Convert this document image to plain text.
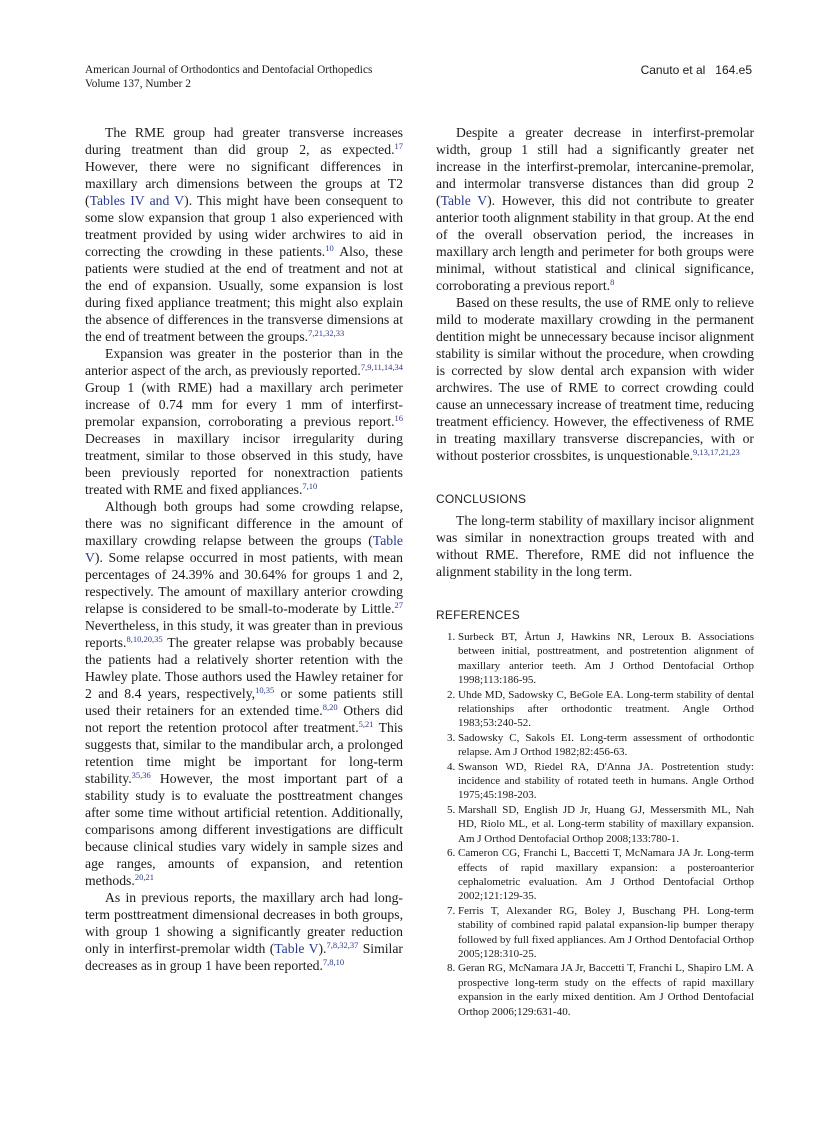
American Journal of Orthodontics and Dentofacial Orthopedics
Volume 137, Number 2
Canuto et al 164.e5

The RME group had greater transverse increases during treatment than did group 2, as expected.$^{17}$ However, there were no significant differences in maxillary arch dimensions between the groups at T2 (Tables IV and V). This might have been consequent to some slow expansion that group 1 also experienced with treatment provided by using wider archwires to aid in correcting the crowding in these patients.$^{10}$ Also, these patients were studied at the end of treatment and not at the end of expansion. Usually, some expansion is lost during fixed appliance treatment; this might also explain the absence of differences in the transverse dimensions at the end of treatment between the groups.$^{7,21,32,33}$

Expansion was greater in the posterior than in the anterior aspect of the arch, as previously reported.$^{7,9,11,14,34}$ Group 1 (with RME) had a maxillary arch perimeter increase of 0.74 mm for every 1 mm of interfirst-premolar expansion, corroborating a previous report.$^{16}$ Decreases in maxillary incisor irregularity during treatment, similar to those observed in this study, have been previously reported for nonextraction patients treated with RME and fixed appliances.$^{7,10}$

Although both groups had some crowding relapse, there was no significant difference in the amount of maxillary crowding relapse between the groups (Table V). Some relapse occurred in most patients, with mean percentages of 24.39% and 30.64% for groups 1 and 2, respectively. The amount of maxillary anterior crowding relapse is considered to be small-to-moderate by Little.$^{27}$ Nevertheless, in this study, it was greater than in previous reports.$^{8,10,20,35}$ The greater relapse was probably because the patients had a relatively shorter retention with the Hawley plate. Those authors used the Hawley retainer for 2 and 8.4 years, respectively,$^{10,35}$ or some patients still used their retainers for an extended time.$^{8,20}$ Others did not report the retention protocol after treatment.$^{5,21}$ This suggests that, similar to the mandibular arch, a prolonged retention time might be important for long-term stability.$^{35,36}$ However, the most important part of a stability study is to evaluate the posttreatment changes after some time without artificial retention. Additionally, comparisons among different investigations are difficult because clinical studies vary widely in sample sizes and age ranges, amounts of expansion, and retention methods.$^{20,21}$

As in previous reports, the maxillary arch had long-term posttreatment dimensional decreases in both groups, with group 1 showing a significantly greater reduction only in interfirst-premolar width (Table V).$^{7,8,32,37}$ Similar decreases as in group 1 have been reported.$^{7,8,10}$

Despite a greater decrease in interfirst-premolar width, group 1 still had a significantly greater net increase in the interfirst-premolar, intercanine-premolar, and intermolar transverse distances than did group 2 (Table V). However, this did not contribute to greater anterior tooth alignment stability in that group. At the end of the overall observation period, the increases in maxillary arch length and perimeter for both groups were minimal, without statistical and clinical significance, corroborating a previous report.$^8$

Based on these results, the use of RME only to relieve mild to moderate maxillary crowding in the permanent dentition might be unnecessary because incisor alignment stability is similar without the procedure, when crowding is corrected by slow dental arch expansion with wider archwires. The use of RME to correct crowding could cause an unnecessary increase of treatment time, reducing treatment efficiency. However, the effectiveness of RME in treating maxillary transverse discrepancies, with or without posterior crossbites, is unquestionable.$^{9,13,17,21,23}$

CONCLUSIONS

The long-term stability of maxillary incisor alignment was similar in nonextraction groups treated with and without RME. Therefore, RME did not influence the alignment stability in the long term.

REFERENCES
1. Surbeck BT, Årtun J, Hawkins NR, Leroux B. Associations between initial, posttreatment, and postretention alignment of maxillary anterior teeth. Am J Orthod Dentofacial Orthop 1998;113:186-95.
2. Uhde MD, Sadowsky C, BeGole EA. Long-term stability of dental relationships after orthodontic treatment. Angle Orthod 1983;53:240-52.
3. Sadowsky C, Sakols EI. Long-term assessment of orthodontic relapse. Am J Orthod 1982;82:456-63.
4. Swanson WD, Riedel RA, D'Anna JA. Postretention study: incidence and stability of rotated teeth in humans. Angle Orthod 1975;45:198-203.
5. Marshall SD, English JD Jr, Huang GJ, Messersmith ML, Nah HD, Riolo ML, et al. Long-term stability of maxillary expansion. Am J Orthod Dentofacial Orthop 2008;133:780-1.
6. Cameron CG, Franchi L, Baccetti T, McNamara JA Jr. Long-term effects of rapid maxillary expansion: a posteroanterior cephalometric evaluation. Am J Orthod Dentofacial Orthop 2002;121:129-35.
7. Ferris T, Alexander RG, Boley J, Buschang PH. Long-term stability of combined rapid palatal expansion-lip bumper therapy followed by full fixed appliances. Am J Orthod Dentofacial Orthop 2005;128:310-25.
8. Geran RG, McNamara JA Jr, Baccetti T, Franchi L, Shapiro LM. A prospective long-term study on the effects of rapid maxillary expansion in the early mixed dentition. Am J Orthod Dentofacial Orthop 2006;129:631-40.
